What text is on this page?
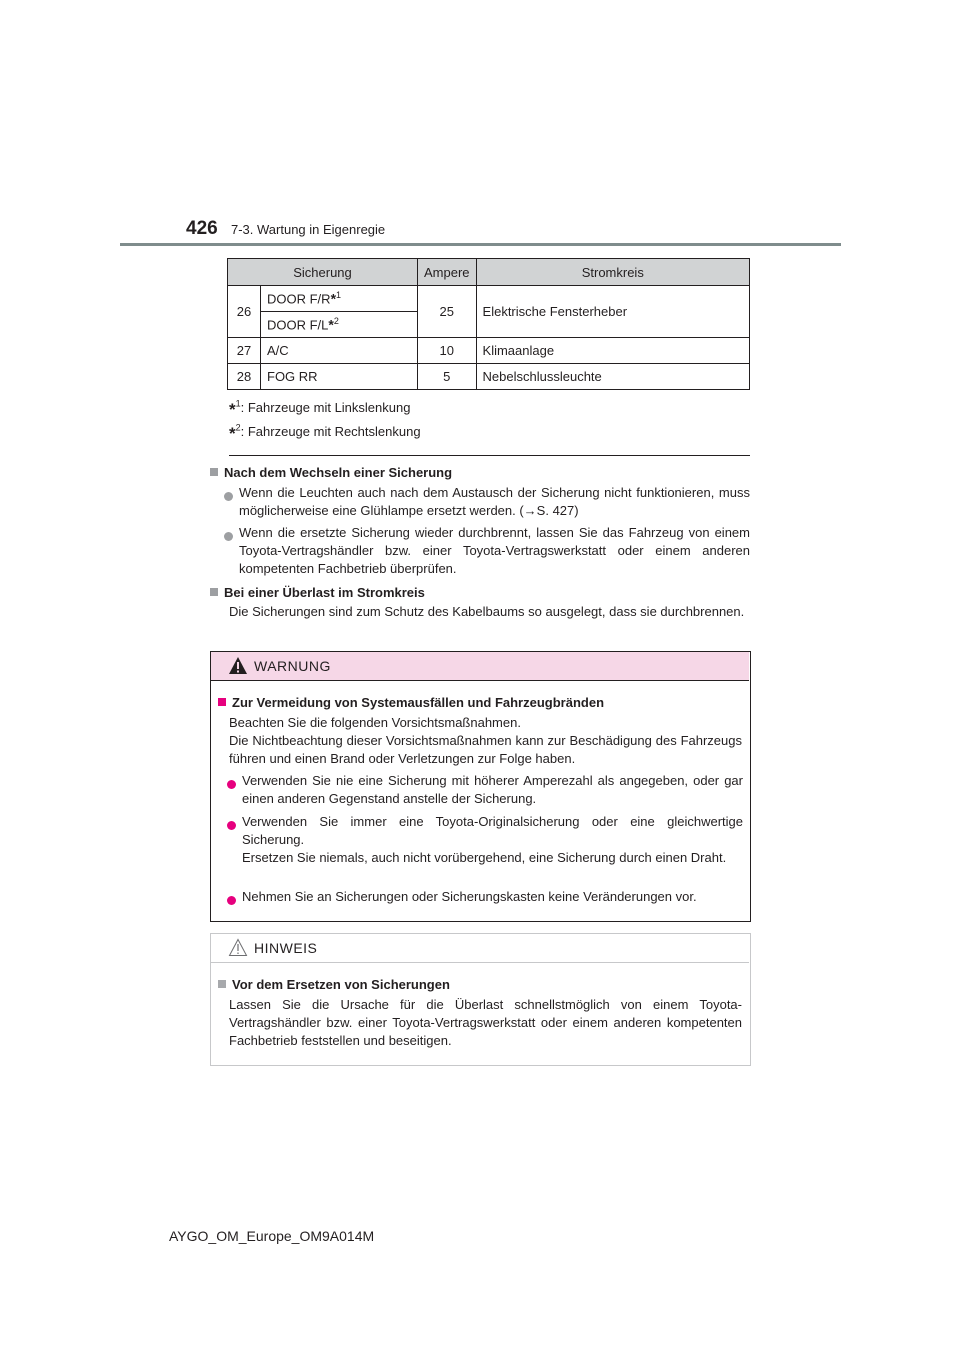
426 7-3. Wartung in Eigenregie
Sicherung		Ampere	Stromkreis
26	DOOR F/R*$^1$	25	Elektrische Fensterheber
	DOOR F/L*$^2$
27	A/C	10	Klimaanlage
28	FOG RR	5	Nebelschlussleuchte
*$^1$: Fahrzeuge mit Linkslenkung
*$^2$: Fahrzeuge mit Rechtslenkung
Nach dem Wechseln einer Sicherung
Wenn die Leuchten auch nach dem Austausch der Sicherung nicht funktionieren, muss möglicherweise eine Glühlampe ersetzt werden. (→S. 427)
Wenn die ersetzte Sicherung wieder durchbrennt, lassen Sie das Fahrzeug von einem Toyota-Vertragshändler bzw. einer Toyota-Vertragswerkstatt oder einem anderen kompetenten Fachbetrieb überprüfen.
Bei einer Überlast im Stromkreis
Die Sicherungen sind zum Schutz des Kabelbaums so ausgelegt, dass sie durchbrennen.
WARNUNG
Zur Vermeidung von Systemausfällen und Fahrzeugbränden
Beachten Sie die folgenden Vorsichtsmaßnahmen.
Die Nichtbeachtung dieser Vorsichtsmaßnahmen kann zur Beschädigung des Fahrzeugs führen und einen Brand oder Verletzungen zur Folge haben.
Verwenden Sie nie eine Sicherung mit höherer Amperezahl als angegeben, oder gar einen anderen Gegenstand anstelle der Sicherung.
Verwenden Sie immer eine Toyota-Originalsicherung oder eine gleichwertige Sicherung.
Ersetzen Sie niemals, auch nicht vorübergehend, eine Sicherung durch einen Draht.
Nehmen Sie an Sicherungen oder Sicherungskasten keine Veränderungen vor.
HINWEIS
Vor dem Ersetzen von Sicherungen
Lassen Sie die Ursache für die Überlast schnellstmöglich von einem Toyota-Vertragshändler bzw. einer Toyota-Vertragswerkstatt oder einem anderen kompetenten Fachbetrieb feststellen und beseitigen.
AYGO_OM_Europe_OM9A014M
